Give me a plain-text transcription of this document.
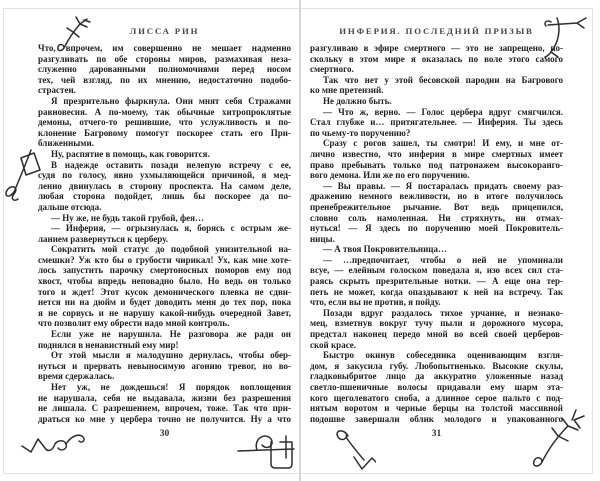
ЛИССА РИН
Что, впрочем, им совершенно не мешает надменно
разгуливать по обе стороны миров, размахивая неза-
служенно дарованными полномочиями перед носом
тех, чей взгляд, по их мнению, недостаточно подобо-
страстен.
Я презрительно фыркнула. Они мнят себя Стражами
равновесия. А по-моему, так обычные хитропроклятые
демоны, отчего-то решившие, что услужливость и по-
клонение Багровому помогут поскорее стать его При-
ближенными.
Ну, распятие в помощь, как говорится.
В надежде оставить позади нелепую встречу с ее,
судя по голосу, явно ухмыляющейся причиной, я мед-
ленно двинулась в сторону проспекта. На самом деле,
любая сторона подойдет, лишь бы поскорее да по-
дальше отсюда.
— Ну же, не будь такой грубой, фея…
— Инферия, — огрызнулась я, борясь с острым же-
ланием развернуться к церберу.
Сократить мой статус до подобной унизительной на-
смешки? Уж кто бы о грубости чирикал! Ух, как мне хоте-
лось запустить парочку смертоносных поморов ему под
хвост, чтобы впредь неповадно было. Но ведь он только
того и ждет! Этот кусок демонического плевка не сдви-
нется ни на дюйм и будет доводить меня до тех пор, пока
я не сорвусь и не нарушу какой-нибудь очередной Завет,
что позволит ему обрести надо мной контроль.
Если уже не нарушила. Не разговора же ради он
поднялся в ненавистный ему мир!
От этой мысли я малодушно дернулась, чтобы обер-
нуться и прервать невыносимую агонию тревог, но во-
время сдержалась.
Нет уж, не дождешься! Я порядок воплощения
не нарушала, себя не выдавала, жизни без разрешения
не лишала. С разрешением, впрочем, тоже. Так что при-
драться ко мне у цербера точно не получится. Ну а что
30
ИНФЕРИЯ. ПОСЛЕДНИЙ ПРИЗЫВ
разгуливаю в эфире смертного — это не запрещено, по-
скольку в этом мире я оказалась по воле этого самого
смертного.
Так что нет у этой бесовской пародии на Багрового
ко мне претензий.
Не должно быть.
— Что ж, верно. — Голос цербера вдруг смягчился.
Стал глубже и… притягательнее. — Инферия. Ты здесь
по чьему-то поручению?
Сразу с рогов зашел, ты смотри! И ему, и мне от-
лично известно, что инферия в мире смертных имеет
право пребывать только под патронажем высокоранго-
вого демона. Или же по его поручению.
— Вы правы. — Я постаралась придать своему раз-
дражению немного вежливости, но в итоге получилось
пренебрежительное рычание. Вот ведь прицепился,
словно соль намоленная. Ни стряхнуть, ни отмах-
нуться! — Я здесь по поручению моей Покровитель-
ницы.
— А твоя Покровительница…
— …предпочитает, чтобы о ней не упоминали
всуе, — елейным голоском поведала я, изо всех сил ста-
раясь скрыть презрительные нотки. — А еще она тер-
петь не может, когда опаздывают к ней на встречу. Так
что, если вы не против, я пойду.
Позади вдруг раздалось тихое урчание, и незнако-
мец, взметнув вокруг тучу пыли и дорожного мусора,
предстал наконец передо мной во всей своей церберов-
ской красе.
Быстро окинув собеседника оценивающим взгля-
дом, я закусила губу. Любопытненько. Высокие скулы,
гладковыбритое лицо да аккуратно уложенные назад
светло-пшеничные волосы придавали ему шарм эта-
кого щеголеватого сноба, а длинное серое пальто с под-
нятым воротом и черные берцы на толстой массивной
подошве завершали облик молодого и упакованного
31
